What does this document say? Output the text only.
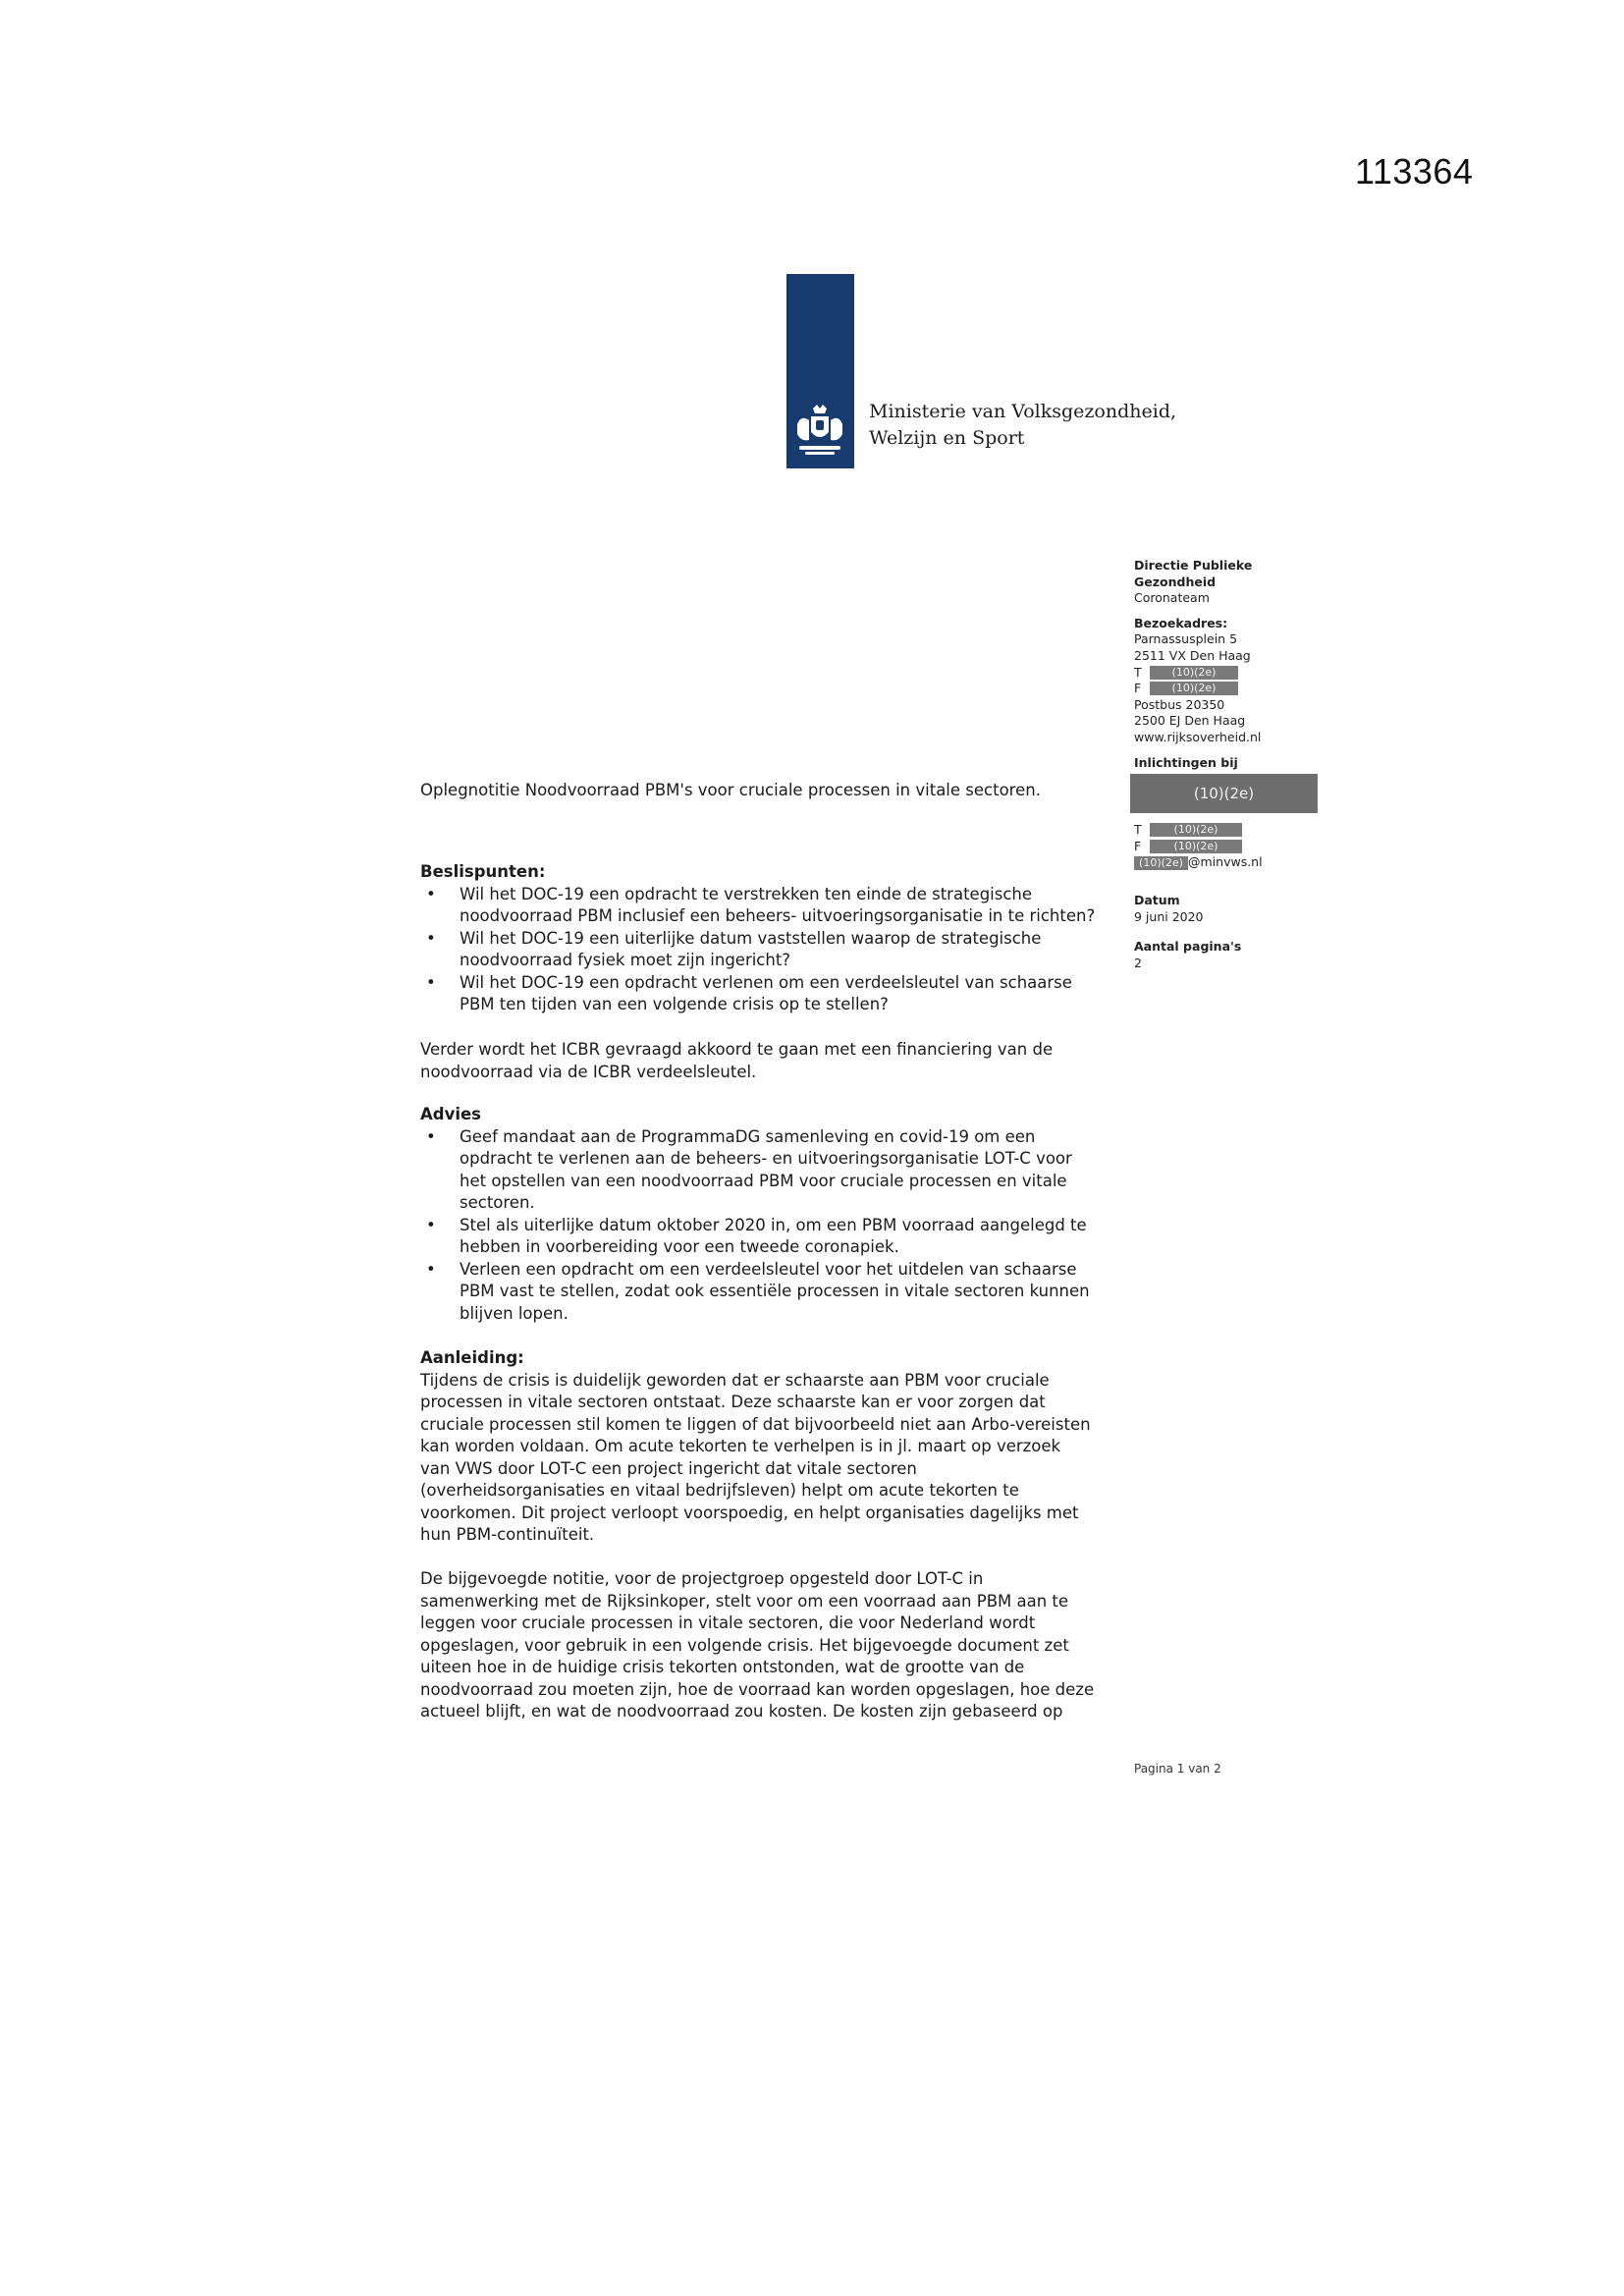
113364
Ministerie van Volksgezondheid,
Welzijn en Sport
Directie Publieke
Gezondheid
Coronateam
Bezoekadres:
Parnassusplein 5
2511 VX Den Haag
T	(10)(2e)
F	(10)(2e)
Postbus 20350
2500 EJ Den Haag
www.rijksoverheid.nl
Inlichtingen bij
(10)(2e)
T	(10)(2e)
F	(10)(2e)
(10)(2e) @minvws.nl
Datum
9 juni 2020
Aantal pagina's
2
Oplegnotitie Noodvoorraad PBM's voor cruciale processen in vitale sectoren.
Beslispunten:
• Wil het DOC-19 een opdracht te verstrekken ten einde de strategische
noodvoorraad PBM inclusief een beheers- uitvoeringsorganisatie in te richten?
• Wil het DOC-19 een uiterlijke datum vaststellen waarop de strategische
noodvoorraad fysiek moet zijn ingericht?
• Wil het DOC-19 een opdracht verlenen om een verdeelsleutel van schaarse
PBM ten tijden van een volgende crisis op te stellen?
Verder wordt het ICBR gevraagd akkoord te gaan met een financiering van de
noodvoorraad via de ICBR verdeelsleutel.
Advies
• Geef mandaat aan de ProgrammaDG samenleving en covid-19 om een
opdracht te verlenen aan de beheers- en uitvoeringsorganisatie LOT-C voor
het opstellen van een noodvoorraad PBM voor cruciale processen en vitale
sectoren.
• Stel als uiterlijke datum oktober 2020 in, om een PBM voorraad aangelegd te
hebben in voorbereiding voor een tweede coronapiek.
• Verleen een opdracht om een verdeelsleutel voor het uitdelen van schaarse
PBM vast te stellen, zodat ook essentiële processen in vitale sectoren kunnen
blijven lopen.
Aanleiding:
Tijdens de crisis is duidelijk geworden dat er schaarste aan PBM voor cruciale
processen in vitale sectoren ontstaat. Deze schaarste kan er voor zorgen dat
cruciale processen stil komen te liggen of dat bijvoorbeeld niet aan Arbo-vereisten
kan worden voldaan. Om acute tekorten te verhelpen is in jl. maart op verzoek
van VWS door LOT-C een project ingericht dat vitale sectoren
(overheidsorganisaties en vitaal bedrijfsleven) helpt om acute tekorten te
voorkomen. Dit project verloopt voorspoedig, en helpt organisaties dagelijks met
hun PBM-continuïteit.
De bijgevoegde notitie, voor de projectgroep opgesteld door LOT-C in
samenwerking met de Rijksinkoper, stelt voor om een voorraad aan PBM aan te
leggen voor cruciale processen in vitale sectoren, die voor Nederland wordt
opgeslagen, voor gebruik in een volgende crisis. Het bijgevoegde document zet
uiteen hoe in de huidige crisis tekorten ontstonden, wat de grootte van de
noodvoorraad zou moeten zijn, hoe de voorraad kan worden opgeslagen, hoe deze
actueel blijft, en wat de noodvoorraad zou kosten. De kosten zijn gebaseerd op
Pagina 1 van 2
